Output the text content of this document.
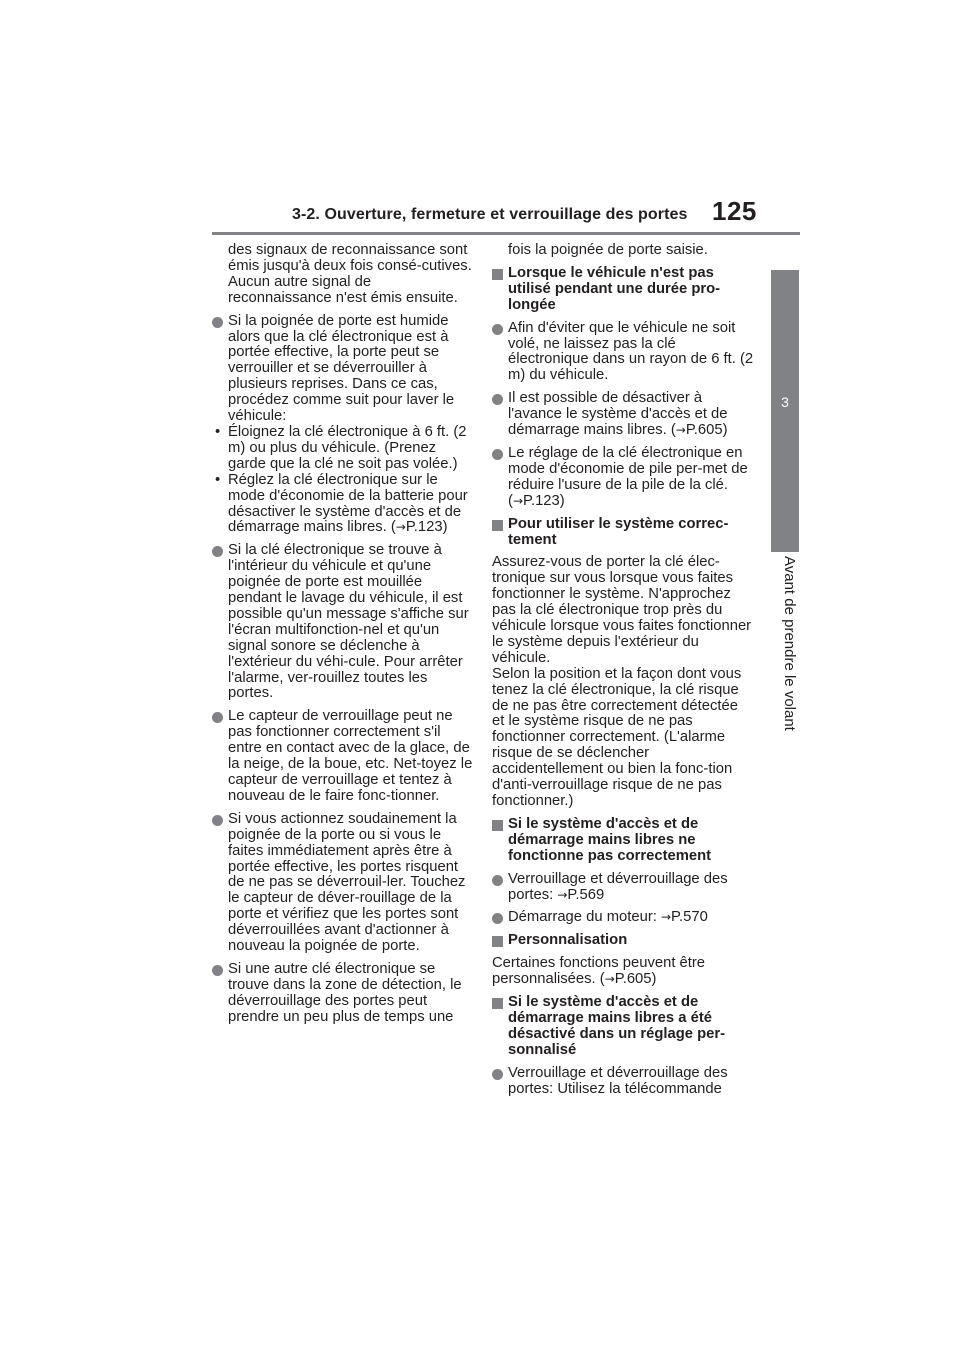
3-2. Ouverture, fermeture et verrouillage des portes 125
3
Avant de prendre le volant

des signaux de reconnaissance sont émis jusqu'à deux fois consé-cutives. Aucun autre signal de reconnaissance n'est émis ensuite.

Si la poignée de porte est humide alors que la clé électronique est à portée effective, la porte peut se verrouiller et se déverrouiller à plusieurs reprises. Dans ce cas, procédez comme suit pour laver le véhicule:
• Éloignez la clé électronique à 6 ft. (2 m) ou plus du véhicule. (Prenez garde que la clé ne soit pas volée.)
• Réglez la clé électronique sur le mode d'économie de la batterie pour désactiver le système d'accès et de démarrage mains libres. (→P.123)
Si la clé électronique se trouve à l'intérieur du véhicule et qu'une poignée de porte est mouillée pendant le lavage du véhicule, il est possible qu'un message s'affiche sur l'écran multifonction-nel et qu'un signal sonore se déclenche à l'extérieur du véhi-cule. Pour arrêter l'alarme, ver-rouillez toutes les portes.
Le capteur de verrouillage peut ne pas fonctionner correctement s'il entre en contact avec de la glace, de la neige, de la boue, etc. Net-toyez le capteur de verrouillage et tentez à nouveau de le faire fonc-tionner.
Si vous actionnez soudainement la poignée de la porte ou si vous le faites immédiatement après être à portée effective, les portes risquent de ne pas se déverrouil-ler. Touchez le capteur de déver-rouillage de la porte et vérifiez que les portes sont déverrouillées avant d'actionner à nouveau la poignée de porte.
Si une autre clé électronique se trouve dans la zone de détection, le déverrouillage des portes peut prendre un peu plus de temps une

fois la poignée de porte saisie.

Lorsque le véhicule n'est pas utilisé pendant une durée pro-longée
Afin d'éviter que le véhicule ne soit volé, ne laissez pas la clé électronique dans un rayon de 6 ft. (2 m) du véhicule.
Il est possible de désactiver à l'avance le système d'accès et de démarrage mains libres. (→P.605)
Le réglage de la clé électronique en mode d'économie de pile per-met de réduire l'usure de la pile de la clé. (→P.123)
Pour utiliser le système correc-tement

Assurez-vous de porter la clé élec-tronique sur vous lorsque vous faites fonctionner le système. N'approchez pas la clé électronique trop près du véhicule lorsque vous faites fonctionner le système depuis l'extérieur du véhicule.
Selon la position et la façon dont vous tenez la clé électronique, la clé risque de ne pas être correctement détectée et le système risque de ne pas fonctionner correctement. (L'alarme risque de se déclencher accidentellement ou bien la fonc-tion d'anti-verrouillage risque de ne pas fonctionner.)

Si le système d'accès et de démarrage mains libres ne fonctionne pas correctement
Verrouillage et déverrouillage des portes: →P.569
Démarrage du moteur: →P.570
Personnalisation

Certaines fonctions peuvent être personnalisées. (→P.605)

Si le système d'accès et de démarrage mains libres a été désactivé dans un réglage per-sonnalisé
Verrouillage et déverrouillage des portes: Utilisez la télécommande
